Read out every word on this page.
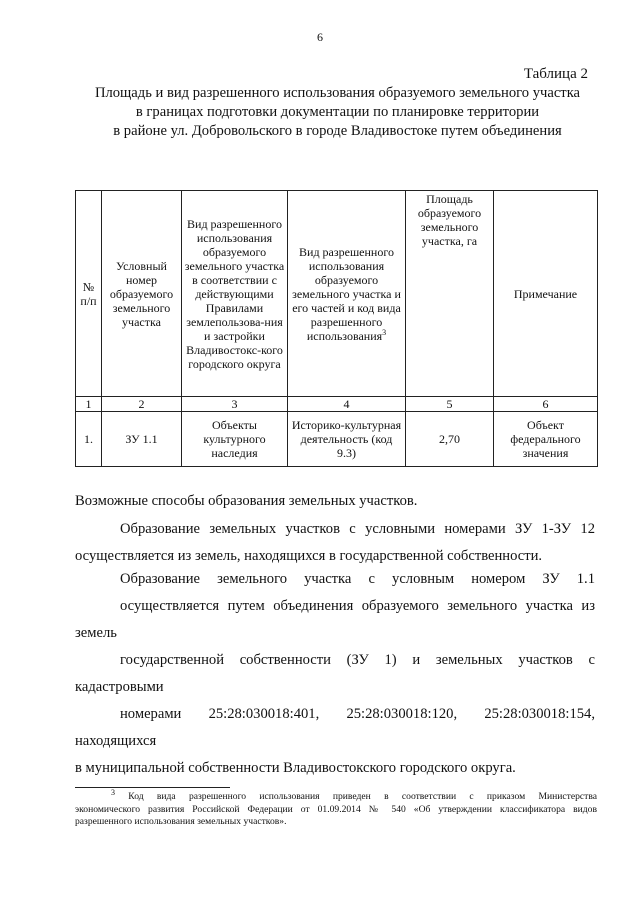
6
Таблица 2
Площадь и вид разрешенного использования образуемого земельного участка
в границах подготовки документации по планировке территории
в районе ул. Добровольского в городе Владивостоке путем объединения
№ п/п	Условный номер образуемого земельного участка	Вид разрешенного использования образуемого земельного участка в соответствии с действующими Правилами землепользова-ния и застройки Владивостокс-кого городского округа	Вид разрешенного использования образуемого земельного участка и его частей и код вида разрешенного использования$^3$	Площадь образуемого земельного участка, га	Примечание
1	2	3	4	5	6
1.	ЗУ 1.1	Объекты культурного наследия	Историко-культурная деятельность (код 9.3)	2,70	Объект федерального значения

Возможные способы образования земельных участков.

Образование земельных участков с условными номерами ЗУ 1-ЗУ 12
осуществляется из земель, находящихся в государственной собственности.

Образование земельного участка с условным номером ЗУ 1.1
осуществляется путем объединения образуемого земельного участка из земель
государственной собственности (ЗУ 1) и земельных участков с кадастровыми
номерами 25:28:030018:401, 25:28:030018:120, 25:28:030018:154, находящихся
в муниципальной собственности Владивостокского городского округа.

$^3$ Код вида разрешенного использования приведен в соответствии с приказом Министерства
экономического развития Российской Федерации от 01.09.2014 № 540 «Об утверждении классификатора видов
разрешенного использования земельных участков».
